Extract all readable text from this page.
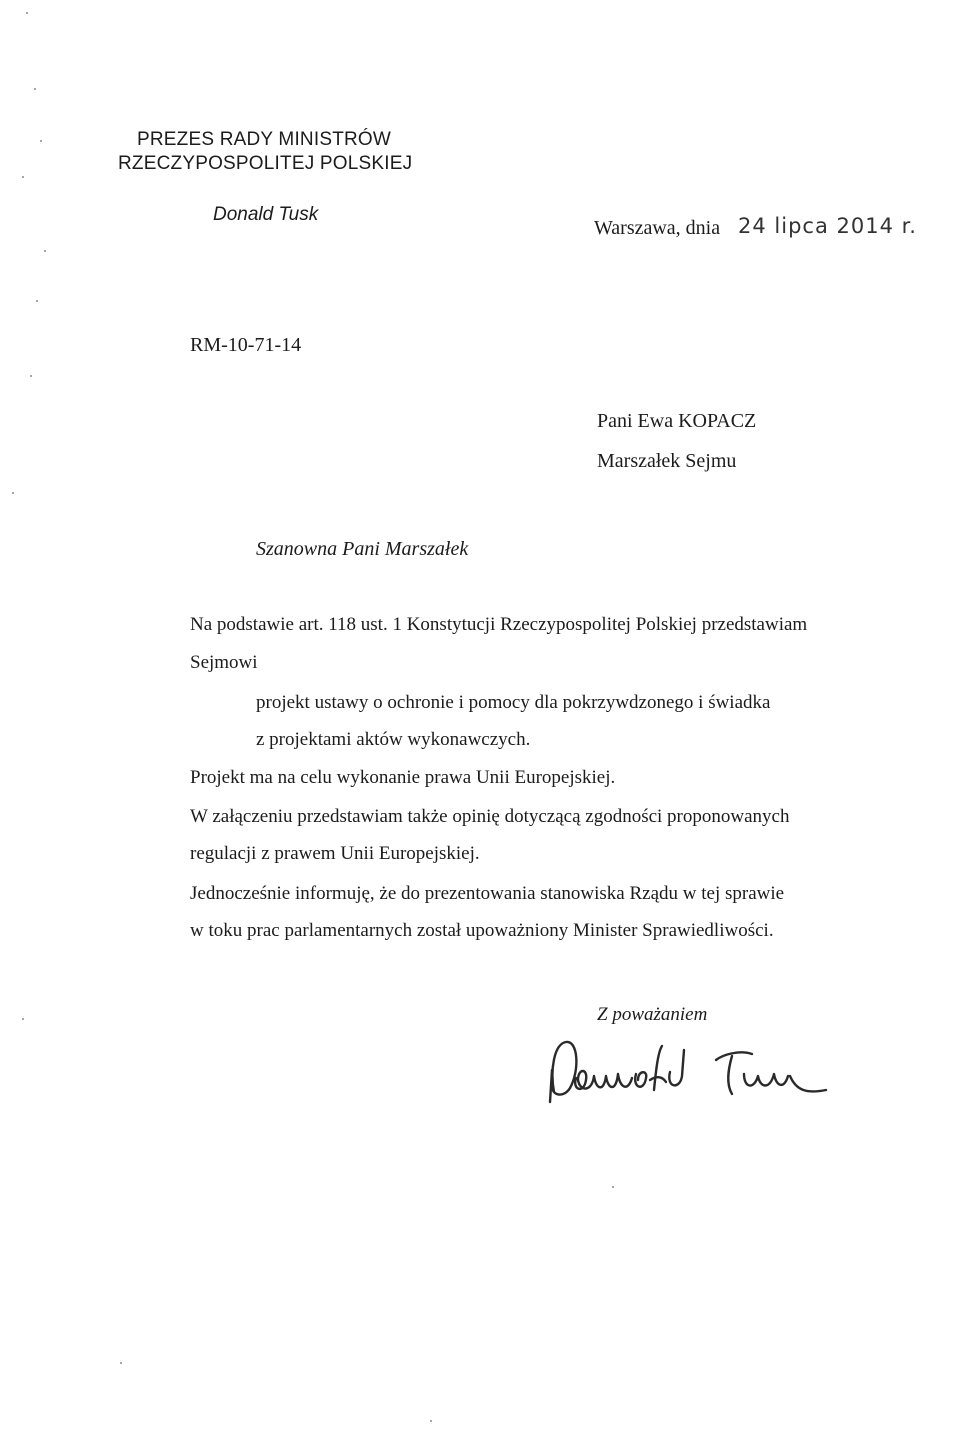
PREZES RADY MINISTRÓW
RZECZYPOSPOLITEJ POLSKIEJ
Donald Tusk
Warszawa, dnia 24 lipca 2014 r.
RM-10-71-14
Pani Ewa KOPACZ
Marszałek Sejmu
Szanowna Pani Marszałek
Na podstawie art. 118 ust. 1 Konstytucji Rzeczypospolitej Polskiej przedstawiam
Sejmowi
projekt ustawy o ochronie i pomocy dla pokrzywdzonego i świadka
z projektami aktów wykonawczych.
Projekt ma na celu wykonanie prawa Unii Europejskiej.
W załączeniu przedstawiam także opinię dotyczącą zgodności proponowanych
regulacji z prawem Unii Europejskiej.
Jednocześnie informuję, że do prezentowania stanowiska Rządu w tej sprawie
w toku prac parlamentarnych został upoważniony Minister Sprawiedliwości.
Z poważaniem
